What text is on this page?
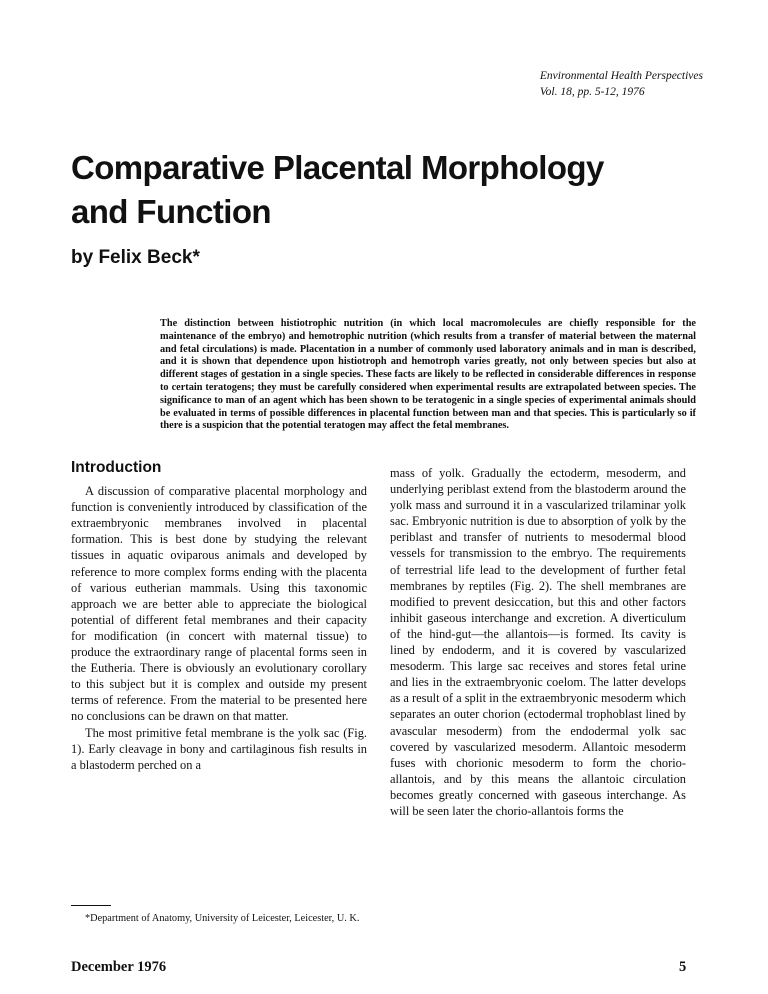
Environmental Health Perspectives
Vol. 18, pp. 5-12, 1976
Comparative Placental Morphology and Function
by Felix Beck*

The distinction between histiotrophic nutrition (in which local macromolecules are chiefly responsible for the maintenance of the embryo) and hemotrophic nutrition (which results from a transfer of material between the maternal and fetal circulations) is made. Placentation in a number of commonly used laboratory animals and in man is described, and it is shown that dependence upon histiotroph and hemotroph varies greatly, not only between species but also at different stages of gestation in a single species. These facts are likely to be reflected in considerable differences in response to certain teratogens; they must be carefully considered when experimental results are extrapolated between species. The significance to man of an agent which has been shown to be teratogenic in a single species of experimental animals should be evaluated in terms of possible differences in placental function between man and that species. This is particularly so if there is a suspicion that the potential teratogen may affect the fetal membranes.

Introduction

A discussion of comparative placental morphology and function is conveniently introduced by classification of the extraembryonic membranes involved in placental formation. This is best done by studying the relevant tissues in aquatic oviparous animals and developed by reference to more complex forms ending with the placenta of various eutherian mammals. Using this taxonomic approach we are better able to appreciate the biological potential of different fetal membranes and their capacity for modification (in concert with maternal tissue) to produce the extraordinary range of placental forms seen in the Eutheria. There is obviously an evolutionary corollary to this subject but it is complex and outside my present terms of reference. From the material to be presented here no conclusions can be drawn on that matter.

The most primitive fetal membrane is the yolk sac (Fig. 1). Early cleavage in bony and cartilaginous fish results in a blastoderm perched on a

mass of yolk. Gradually the ectoderm, mesoderm, and underlying periblast extend from the blastoderm around the yolk mass and surround it in a vascularized trilaminar yolk sac. Embryonic nutrition is due to absorption of yolk by the periblast and transfer of nutrients to mesodermal blood vessels for transmission to the embryo. The requirements of terrestrial life lead to the development of further fetal membranes by reptiles (Fig. 2). The shell membranes are modified to prevent desiccation, but this and other factors inhibit gaseous interchange and excretion. A diverticulum of the hind-gut—the allantois—is formed. Its cavity is lined by endoderm, and it is covered by vascularized mesoderm. This large sac receives and stores fetal urine and lies in the extraembryonic coelom. The latter develops as a result of a split in the extraembryonic mesoderm which separates an outer chorion (ectodermal trophoblast lined by avascular mesoderm) from the endodermal yolk sac covered by vascularized mesoderm. Allantoic mesoderm fuses with chorionic mesoderm to form the chorio-allantois, and by this means the allantoic circulation becomes greatly concerned with gaseous interchange. As will be seen later the chorio-allantois forms the

*Department of Anatomy, University of Leicester, Leicester, U. K.

December 1976	5
